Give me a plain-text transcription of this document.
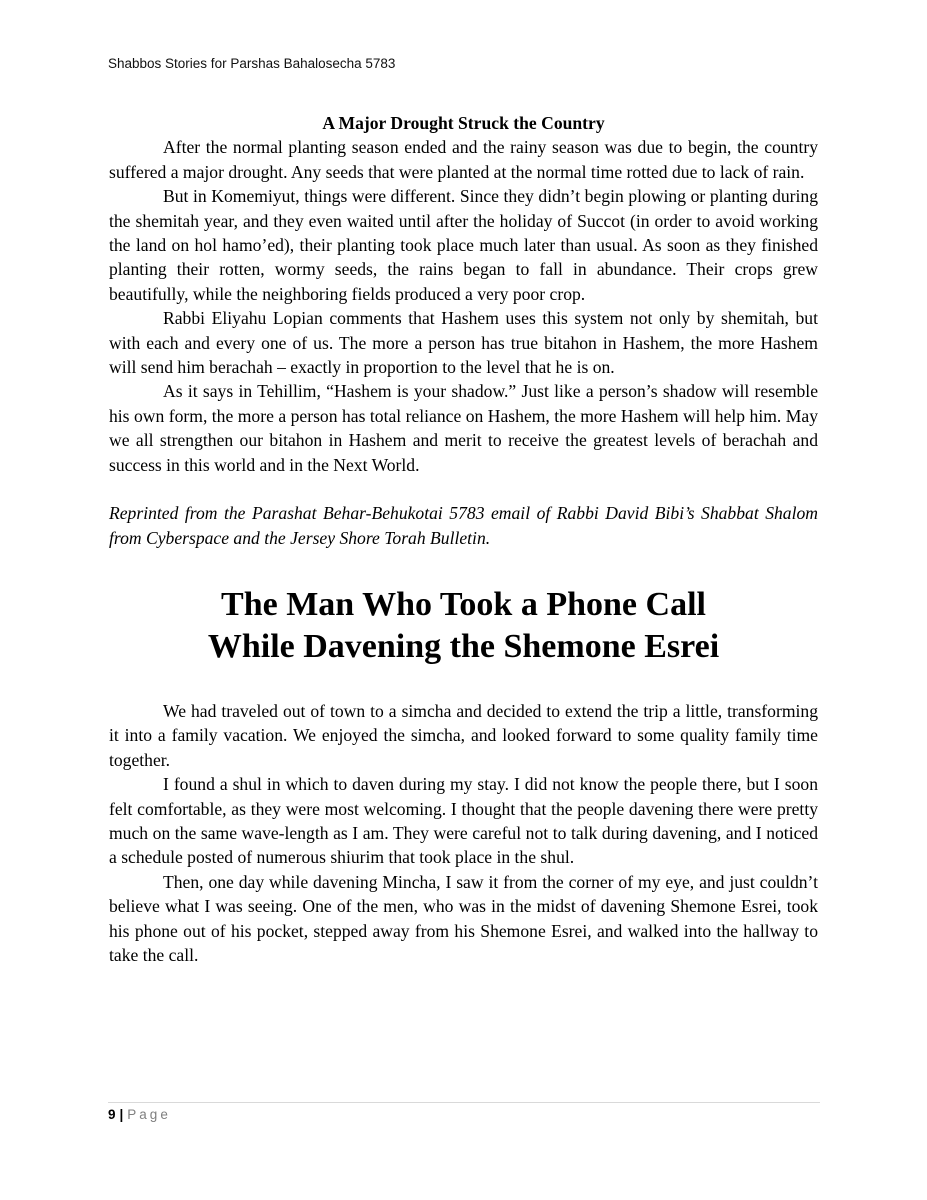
Shabbos Stories for Parshas Bahalosecha 5783

A Major Drought Struck the Country

After the normal planting season ended and the rainy season was due to begin, the country suffered a major drought. Any seeds that were planted at the normal time rotted due to lack of rain.

But in Komemiyut, things were different. Since they didn’t begin plowing or planting during the shemitah year, and they even waited until after the holiday of Succot (in order to avoid working the land on hol hamo’ed), their planting took place much later than usual. As soon as they finished planting their rotten, wormy seeds, the rains began to fall in abundance. Their crops grew beautifully, while the neighboring fields produced a very poor crop.

Rabbi Eliyahu Lopian comments that Hashem uses this system not only by shemitah, but with each and every one of us. The more a person has true bitahon in Hashem, the more Hashem will send him berachah – exactly in proportion to the level that he is on.

As it says in Tehillim, “Hashem is your shadow.” Just like a person’s shadow will resemble his own form, the more a person has total reliance on Hashem, the more Hashem will help him. May we all strengthen our bitahon in Hashem and merit to receive the greatest levels of berachah and success in this world and in the Next World.

Reprinted from the Parashat Behar-Behukotai 5783 email of Rabbi David Bibi’s Shabbat Shalom from Cyberspace and the Jersey Shore Torah Bulletin.

The Man Who Took a Phone Call
While Davening the Shemone Esrei

We had traveled out of town to a simcha and decided to extend the trip a little, transforming it into a family vacation. We enjoyed the simcha, and looked forward to some quality family time together.

I found a shul in which to daven during my stay. I did not know the people there, but I soon felt comfortable, as they were most welcoming. I thought that the people davening there were pretty much on the same wave-length as I am. They were careful not to talk during davening, and I noticed a schedule posted of numerous shiurim that took place in the shul.

Then, one day while davening Mincha, I saw it from the corner of my eye, and just couldn’t believe what I was seeing. One of the men, who was in the midst of davening Shemone Esrei, took his phone out of his pocket, stepped away from his Shemone Esrei, and walked into the hallway to take the call.

9 | Page
